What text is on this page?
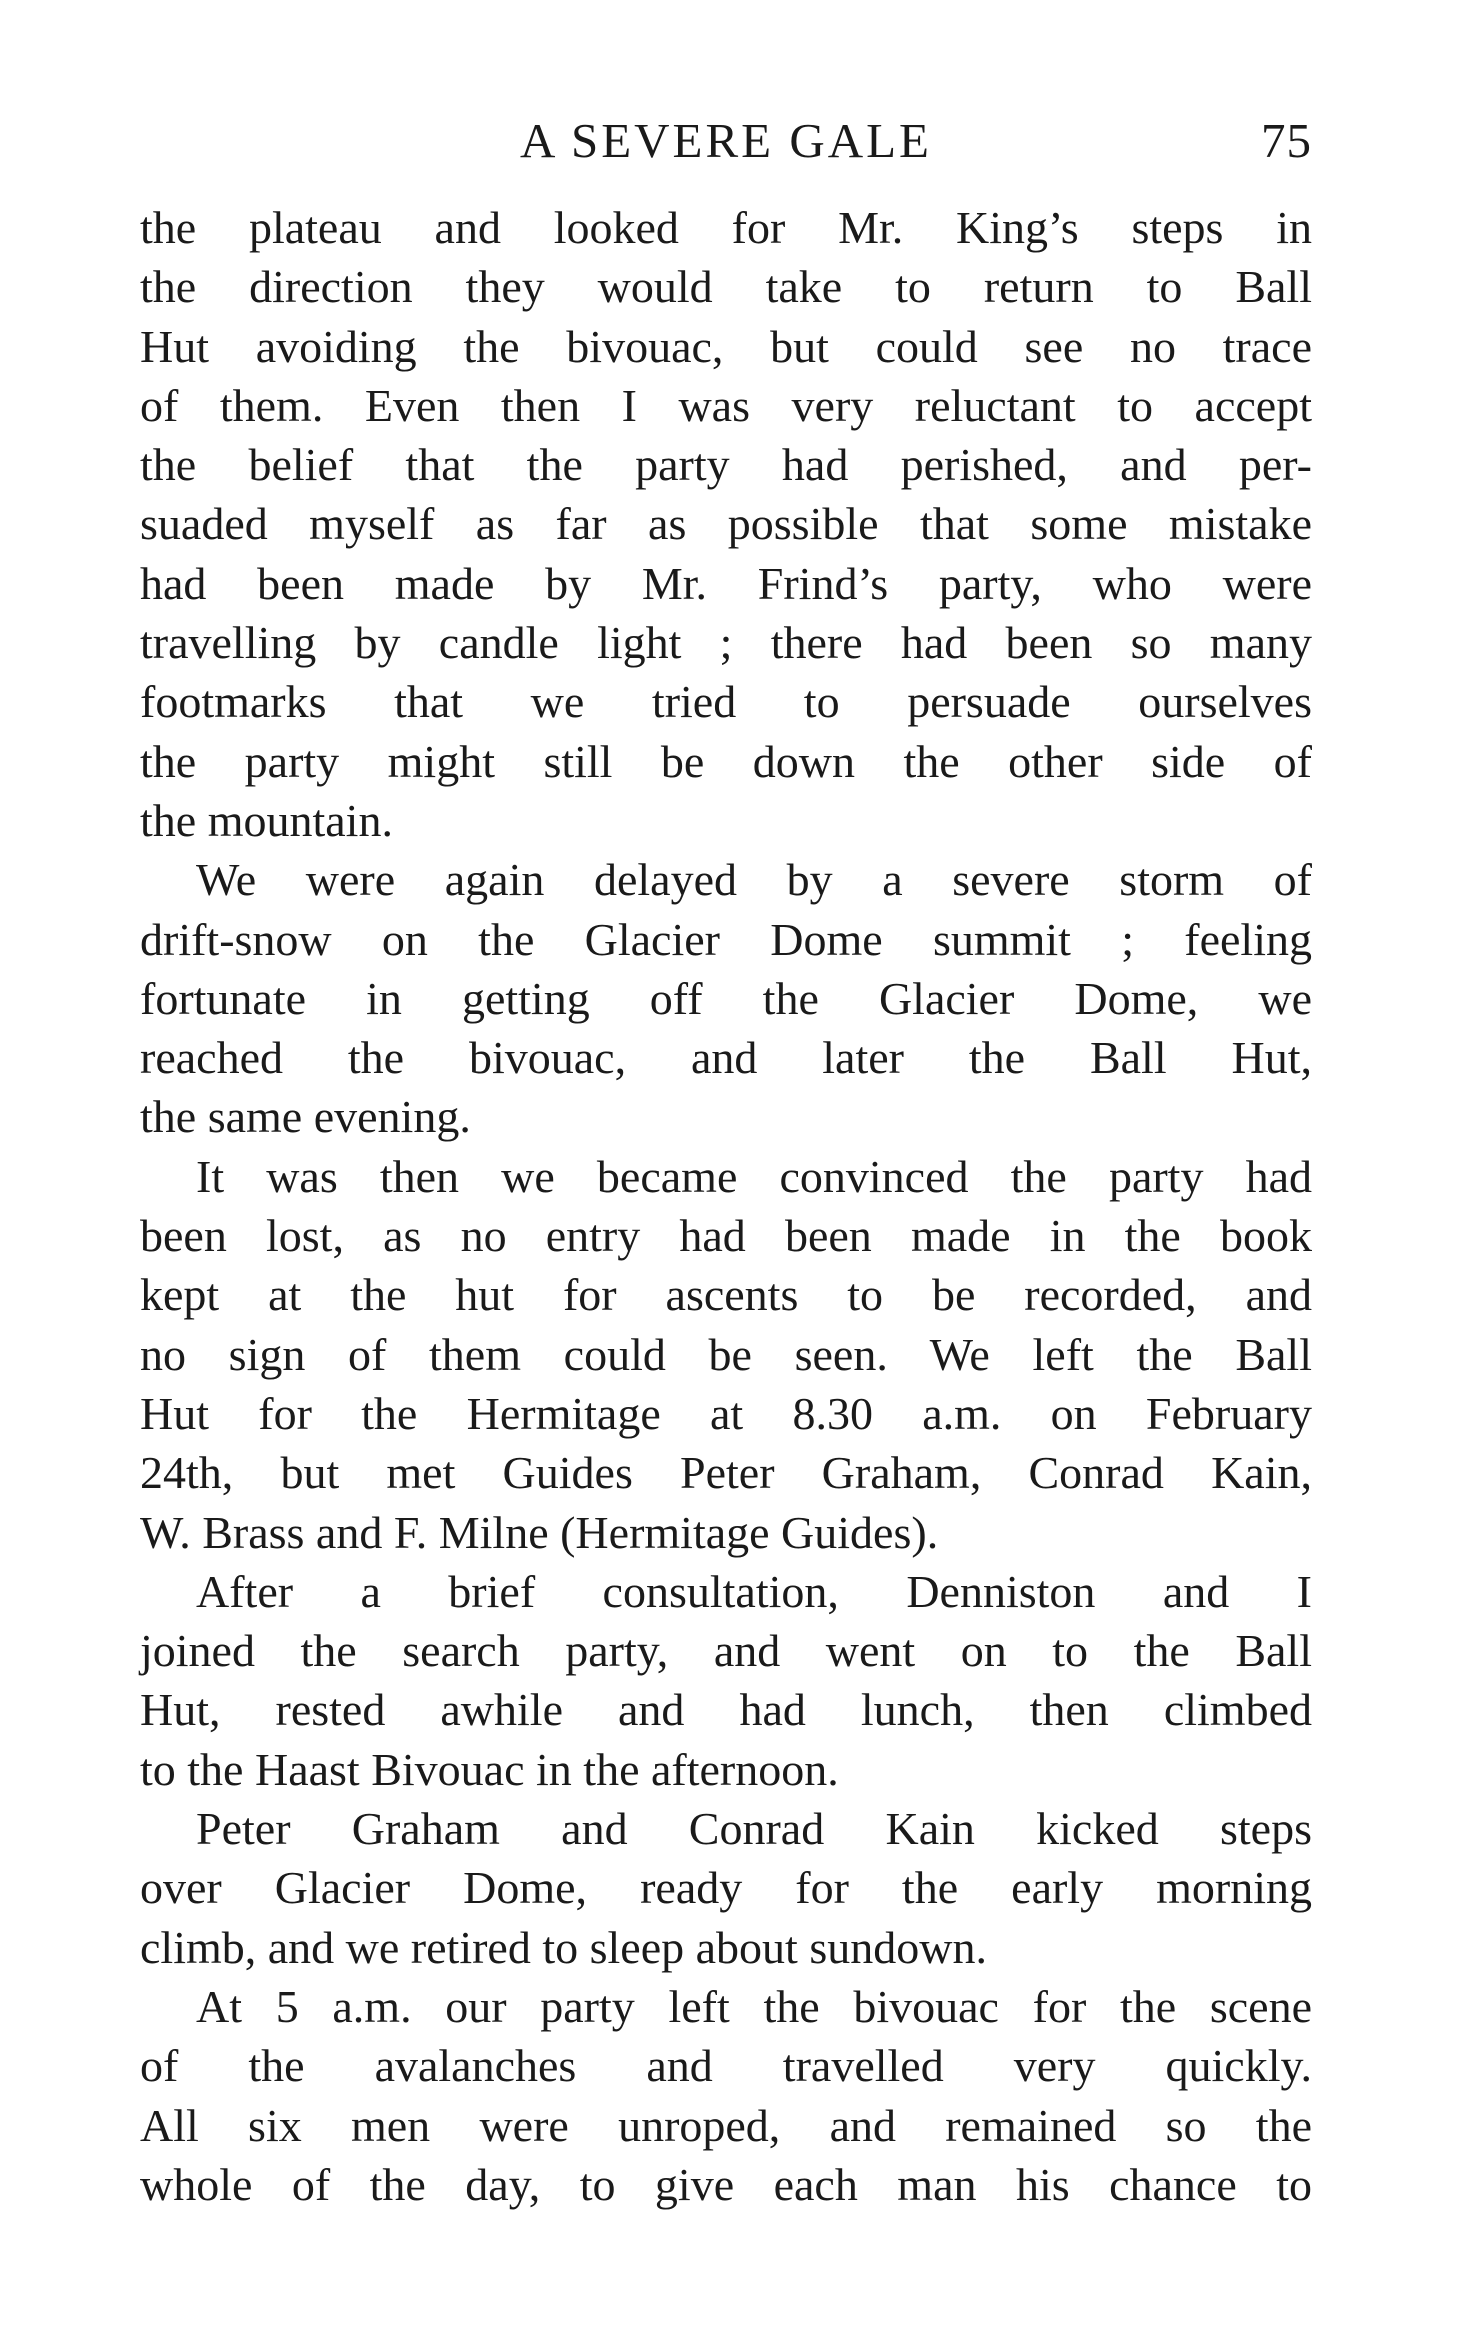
A SEVERE GALE	75
the plateau and looked for Mr. King’s steps in
the direction they would take to return to Ball
Hut avoiding the bivouac, but could see no trace
of them. Even then I was very reluctant to accept
the belief that the party had perished, and per-
suaded myself as far as possible that some mistake
had been made by Mr. Frind’s party, who were
travelling by candle light ; there had been so many
footmarks that we tried to persuade ourselves
the party might still be down the other side of
the mountain.
We were again delayed by a severe storm of
drift-snow on the Glacier Dome summit ; feeling
fortunate in getting off the Glacier Dome, we
reached the bivouac, and later the Ball Hut,
the same evening.
It was then we became convinced the party had
been lost, as no entry had been made in the book
kept at the hut for ascents to be recorded, and
no sign of them could be seen. We left the Ball
Hut for the Hermitage at 8.30 a.m. on February
24th, but met Guides Peter Graham, Conrad Kain,
W. Brass and F. Milne (Hermitage Guides).
After a brief consultation, Denniston and I
joined the search party, and went on to the Ball
Hut, rested awhile and had lunch, then climbed
to the Haast Bivouac in the afternoon.
Peter Graham and Conrad Kain kicked steps
over Glacier Dome, ready for the early morning
climb, and we retired to sleep about sundown.
At 5 a.m. our party left the bivouac for the scene
of the avalanches and travelled very quickly.
All six men were unroped, and remained so the
whole of the day, to give each man his chance to
